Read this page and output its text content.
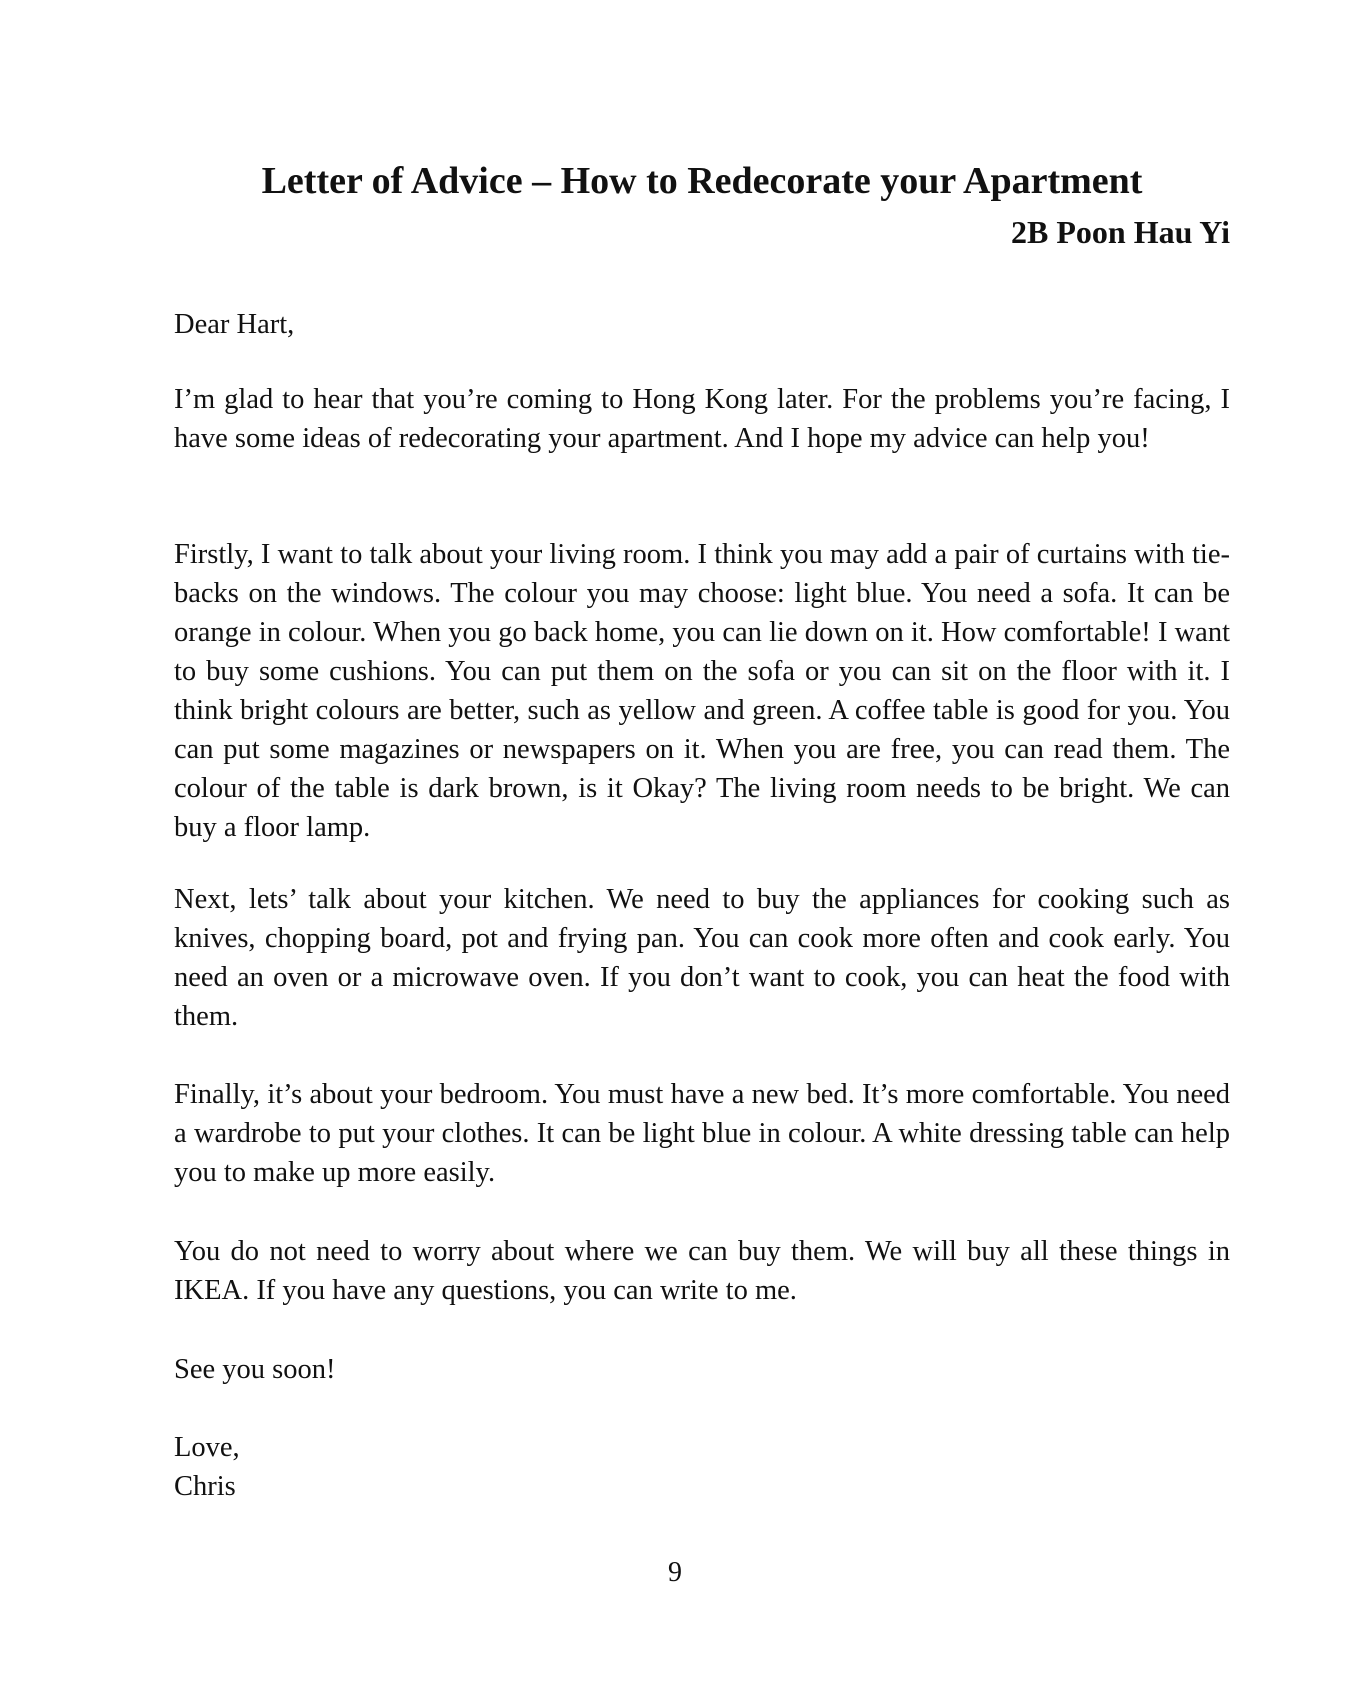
Letter of Advice – How to Redecorate your Apartment
2B Poon Hau Yi

Dear Hart,

I’m glad to hear that you’re coming to Hong Kong later. For the problems you’re facing, I have some ideas of redecorating your apartment. And I hope my advice can help you!

Firstly, I want to talk about your living room. I think you may add a pair of curtains with tie-backs on the windows. The colour you may choose: light blue. You need a sofa. It can be orange in colour. When you go back home, you can lie down on it. How comfortable! I want to buy some cushions. You can put them on the sofa or you can sit on the floor with it. I think bright colours are better, such as yellow and green. A coffee table is good for you. You can put some magazines or newspapers on it. When you are free, you can read them. The colour of the table is dark brown, is it Okay? The living room needs to be bright. We can buy a floor lamp.

Next, lets’ talk about your kitchen. We need to buy the appliances for cooking such as knives, chopping board, pot and frying pan. You can cook more often and cook early. You need an oven or a microwave oven. If you don’t want to cook, you can heat the food with them.

Finally, it’s about your bedroom. You must have a new bed. It’s more comfortable. You need a wardrobe to put your clothes. It can be light blue in colour. A white dressing table can help you to make up more easily.

You do not need to worry about where we can buy them. We will buy all these things in IKEA. If you have any questions, you can write to me.

See you soon!

Love,
Chris

9
